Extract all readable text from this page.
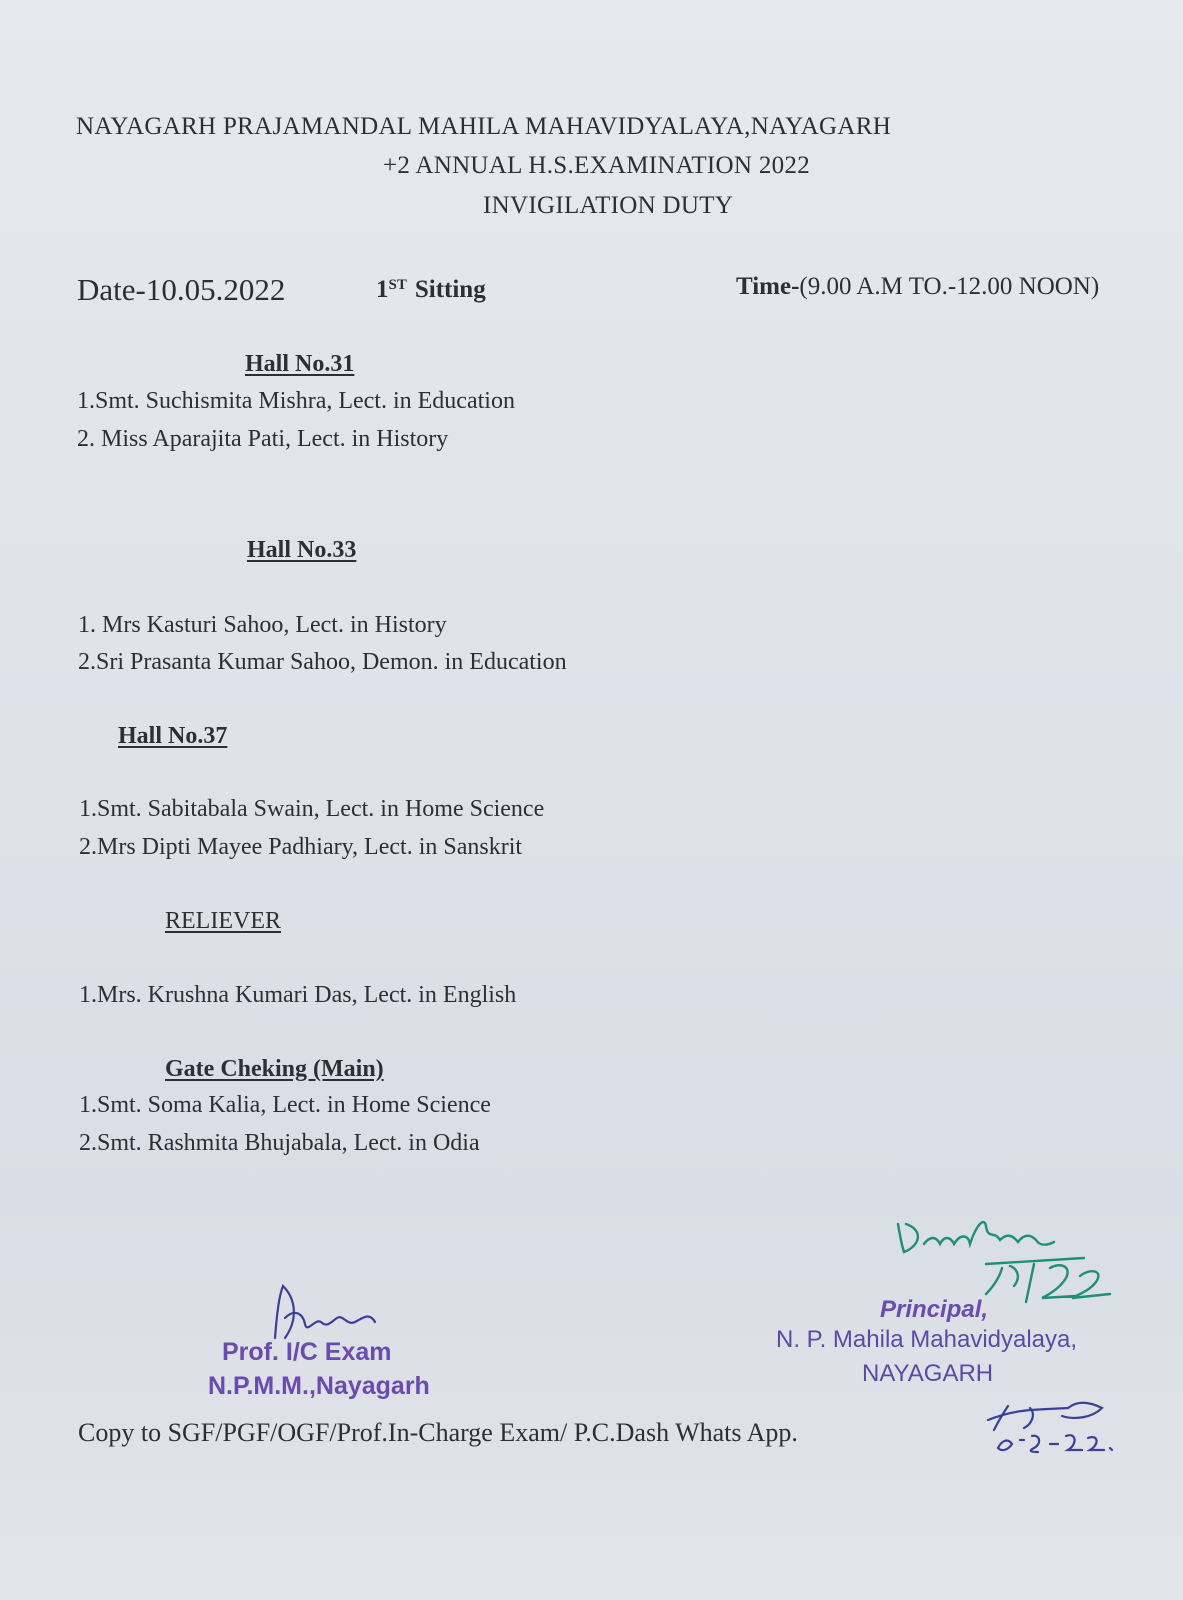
NAYAGARH PRAJAMANDAL MAHILA MAHAVIDYALAYA,NAYAGARH
+2 ANNUAL H.S.EXAMINATION 2022
INVIGILATION DUTY
Date-10.05.2022	1ST Sitting	Time-(9.00 A.M TO.-12.00 NOON)
Hall No.31
1.Smt. Suchismita Mishra, Lect. in Education
2. Miss Aparajita Pati, Lect. in History
Hall No.33
1. Mrs Kasturi Sahoo, Lect. in History
2.Sri Prasanta Kumar Sahoo, Demon. in Education
Hall No.37
1.Smt. Sabitabala Swain, Lect. in Home Science
2.Mrs Dipti Mayee Padhiary, Lect. in Sanskrit
RELIEVER
1.Mrs. Krushna Kumari Das, Lect. in English
Gate Cheking (Main)
1.Smt. Soma Kalia, Lect. in Home Science
2.Smt. Rashmita Bhujabala, Lect. in Odia
Prof. I/C Exam
N.P.M.M.,Nayagarh
Principal,
N. P. Mahila Mahavidyalaya,
NAYAGARH
Copy to SGF/PGF/OGF/Prof.In-Charge Exam/ P.C.Dash Whats App.
